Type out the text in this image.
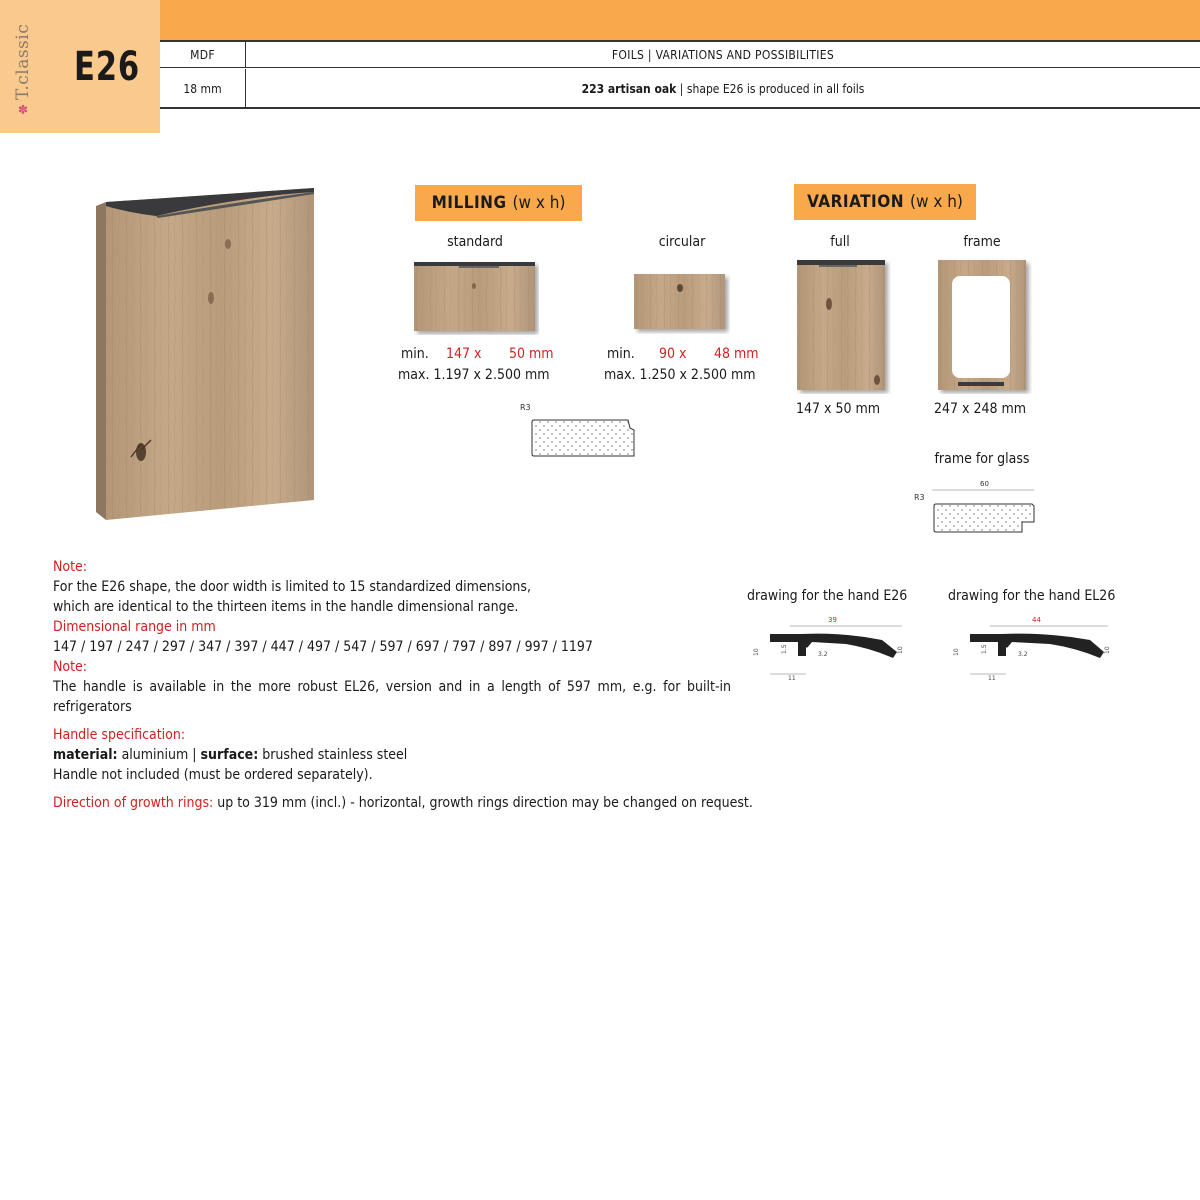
✽
T.classic E26	MDF	FOILS | VARIATIONS AND POSSIBILITIES
18 mm	223 artisan oak | shape E26 is produced in all foils
MILLING (w x h)
standard
min. 147 x 50 mm
max. 1.197 x 2.500 mm
circular
min. 90 x 48 mm
max. 1.250 x 2.500 mm
R3
VARIATION (w x h)
full
147 x 50 mm
frame
247 x 248 mm
frame for glass
R3
60
drawing for the hand E26
39
10	1.5
3.2
10
11
drawing for the hand EL26
44
10	1.5
3.2
10
11
Note:
For the E26 shape, the door width is limited to 15 standardized dimensions,
which are identical to the thirteen items in the handle dimensional range.
Dimensional range in mm
147 / 197 / 247 / 297 / 347 / 397 / 447 / 497 / 547 / 597 / 697 / 797 / 897 / 997 / 1197
Note:
The handle is available in the more robust EL26, version and in a length of 597 mm, e.g. for built-in refrigerators
Handle specification:
material: aluminium | surface: brushed stainless steel
Handle not included (must be ordered separately).
Direction of growth rings: up to 319 mm (incl.) - horizontal, growth rings direction may be changed on request.
